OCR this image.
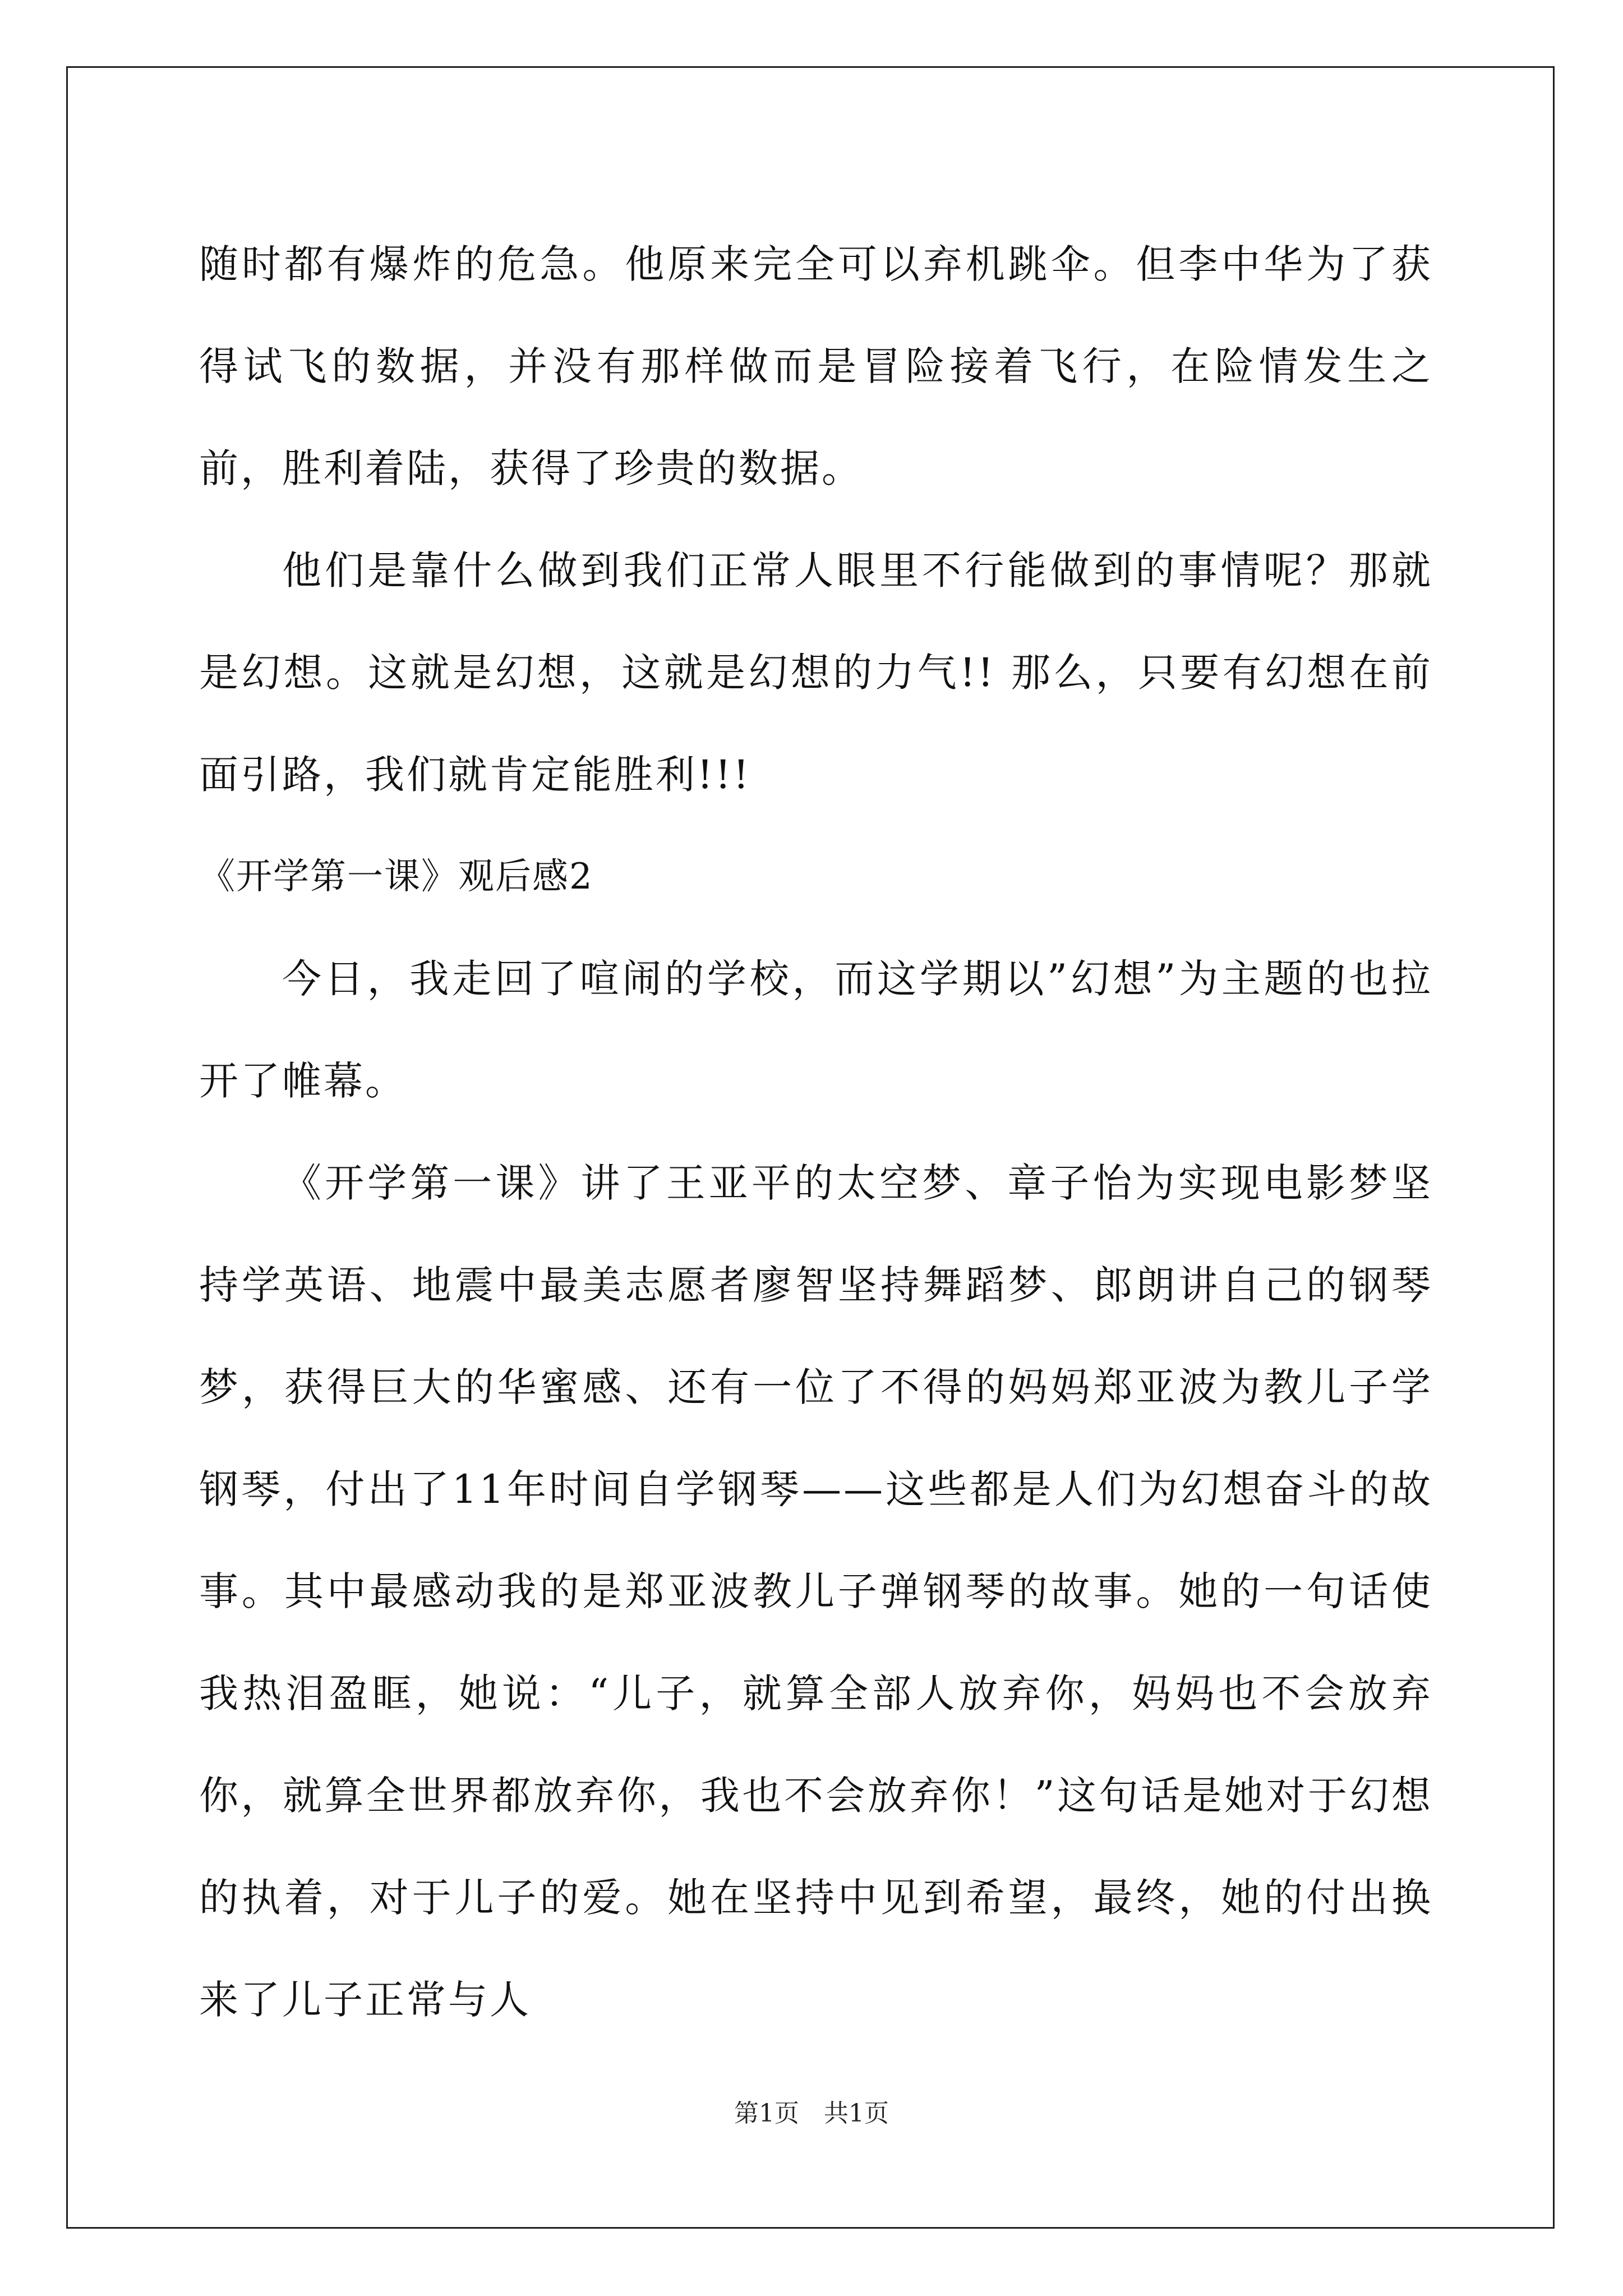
随时都有爆炸的危急。他原来完全可以弃机跳伞。但李中华为了获得试飞的数据，并没有那样做而是冒险接着飞行，在险情发生之前，胜利着陆，获得了珍贵的数据。

他们是靠什么做到我们正常人眼里不行能做到的事情呢？那就是幻想。这就是幻想，这就是幻想的力气!! 那么，只要有幻想在前面引路，我们就肯定能胜利!!!

《开学第一课》观后感2

今日，我走回了喧闹的学校，而这学期以”幻想”为主题的也拉开了帷幕。

《开学第一课》讲了王亚平的太空梦、章子怡为实现电影梦坚持学英语、地震中最美志愿者廖智坚持舞蹈梦、郎朗讲自己的钢琴梦，获得巨大的华蜜感、还有一位了不得的妈妈郑亚波为教儿子学钢琴，付出了11年时间自学钢琴——这些都是人们为幻想奋斗的故事。其中最感动我的是郑亚波教儿子弹钢琴的故事。她的一句话使我热泪盈眶，她说：“儿子，就算全部人放弃你，妈妈也不会放弃你，就算全世界都放弃你，我也不会放弃你！”这句话是她对于幻想的执着，对于儿子的爱。她在坚持中见到希望，最终，她的付出换来了儿子正常与人

第1页　共1页
